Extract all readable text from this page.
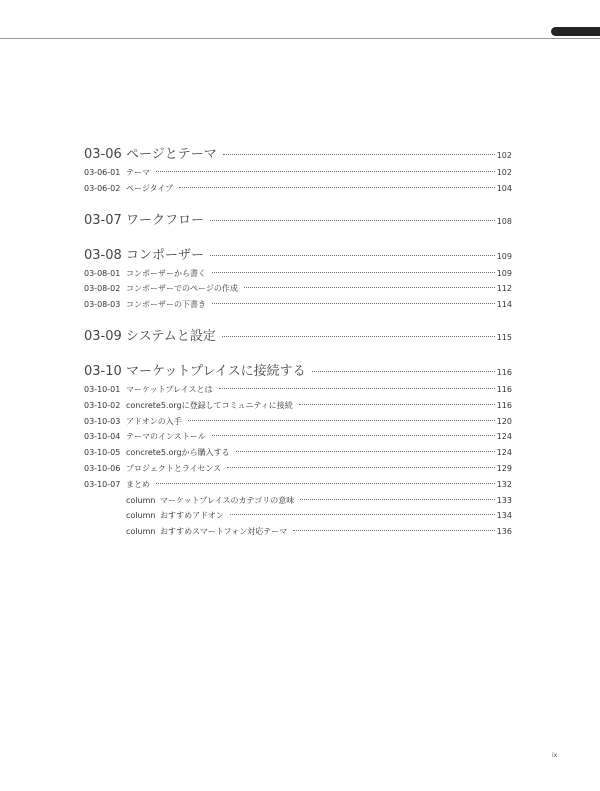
03-06 ページとテーマ	102
03-06-01 テーマ	102
03-06-02 ページタイプ	104
03-07 ワークフロー	108
03-08 コンポーザー	109
03-08-01 コンポーザーから書く	109
03-08-02 コンポーザーでのページの作成	112
03-08-03 コンポーザーの下書き	114
03-09 システムと設定	115
03-10 マーケットプレイスに接続する	116
03-10-01 マーケットプレイスとは	116
03-10-02 concrete5.orgに登録してコミュニティに接続	116
03-10-03 アドオンの入手	120
03-10-04 テーマのインストール	124
03-10-05 concrete5.orgから購入する	124
03-10-06 プロジェクトとライセンス	129
03-10-07 まとめ	132
column マーケットプレイスのカテゴリの意味	133
column おすすめアドオン	134
column おすすめスマートフォン対応テーマ	136
ix
